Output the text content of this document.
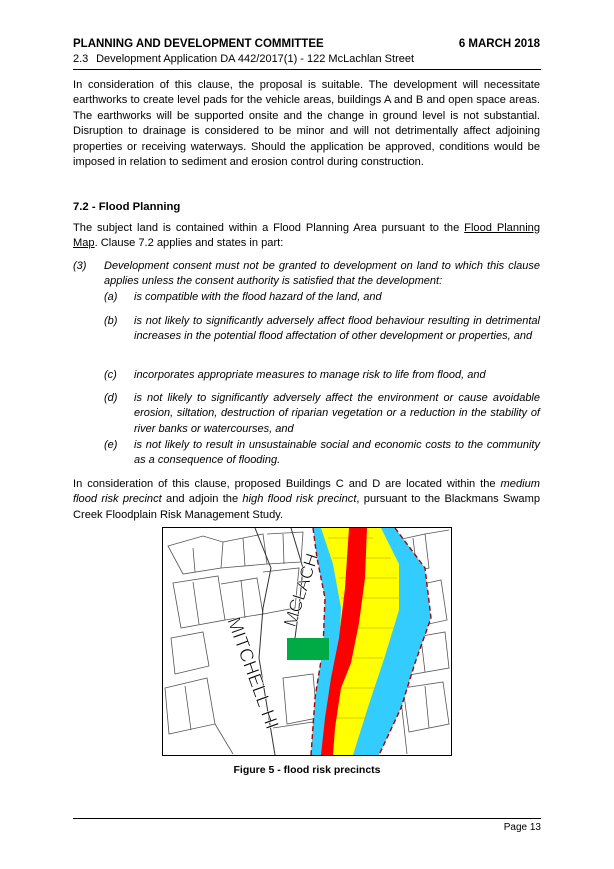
PLANNING AND DEVELOPMENT COMMITTEE	6 MARCH 2018
2.3 Development Application DA 442/2017(1) - 122 McLachlan Street
In consideration of this clause, the proposal is suitable. The development will necessitate earthworks to create level pads for the vehicle areas, buildings A and B and open space areas. The earthworks will be supported onsite and the change in ground level is not substantial. Disruption to drainage is considered to be minor and will not detrimentally affect adjoining properties or receiving waterways. Should the application be approved, conditions would be imposed in relation to sediment and erosion control during construction.
7.2 - Flood Planning
The subject land is contained within a Flood Planning Area pursuant to the Flood Planning Map. Clause 7.2 applies and states in part:
(3) Development consent must not be granted to development on land to which this clause applies unless the consent authority is satisfied that the development:
(a) is compatible with the flood hazard of the land, and
(b) is not likely to significantly adversely affect flood behaviour resulting in detrimental increases in the potential flood affectation of other development or properties, and
(c) incorporates appropriate measures to manage risk to life from flood, and
(d) is not likely to significantly adversely affect the environment or cause avoidable erosion, siltation, destruction of riparian vegetation or a reduction in the stability of river banks or watercourses, and
(e) is not likely to result in unsustainable social and economic costs to the community as a consequence of flooding.
In consideration of this clause, proposed Buildings C and D are located within the medium flood risk precinct and adjoin the high flood risk precinct, pursuant to the Blackmans Swamp Creek Floodplain Risk Management Study.
MCLACH
MITCHELL HI
Figure 5 - flood risk precincts
Page 13
